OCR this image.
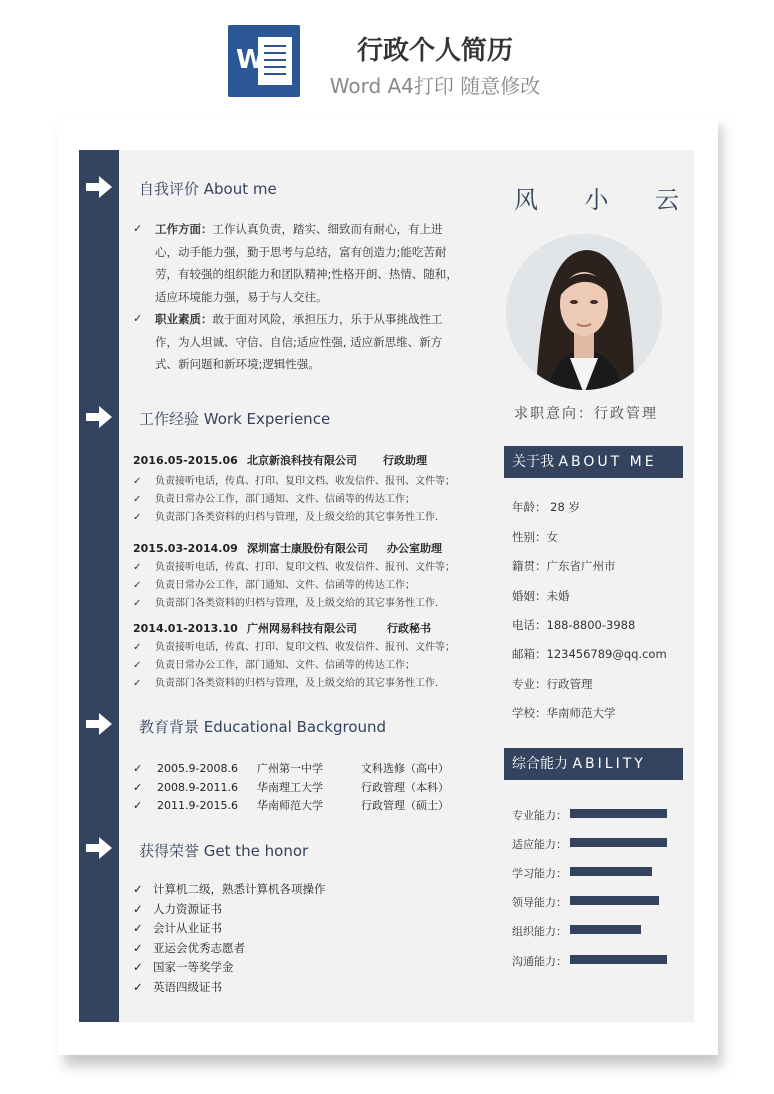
W	行政个人简历
Word A4打印 随意修改
自我评价 About me
✓	工作方面：工作认真负责，踏实、细致而有耐心，有上进心，动手能力强，勤于思考与总结，富有创造力;能吃苦耐劳，有较强的组织能力和团队精神;性格开朗、热情、随和，适应环境能力强，易于与人交往。
✓	职业素质：敢于面对风险，承担压力，乐于从事挑战性工作，为人坦诚、守信、自信;适应性强, 适应新思维、新方式、新问题和新环境;逻辑性强。
工作经验 Work Experience
2016.05-2015.06 北京新浪科技有限公司 行政助理
✓ 负责接听电话，传真、打印、复印文档、收发信件、报刊、文件等；
✓ 负责日常办公工作，部门通知、文件、信函等的传达工作；
✓ 负责部门各类资料的归档与管理，及上级交给的其它事务性工作.
2015.03-2014.09 深圳富士康股份有限公司 办公室助理
✓ 负责接听电话，传真、打印、复印文档、收发信件、报刊、文件等；
✓ 负责日常办公工作，部门通知、文件、信函等的传达工作；
✓ 负责部门各类资料的归档与管理，及上级交给的其它事务性工作.
2014.01-2013.10 广州网易科技有限公司	行政秘书
✓ 负责接听电话，传真、打印、复印文档、收发信件、报刊、文件等；
✓ 负责日常办公工作，部门通知、文件、信函等的传达工作；
✓ 负责部门各类资料的归档与管理，及上级交给的其它事务性工作.
教育背景 Educational Background
✓ 2005.9-2008.6 广州第一中学	文科选修（高中）
✓ 2008.9-2011.6 华南理工大学	行政管理（本科）
✓ 2011.9-2015.6 华南师范大学	行政管理（硕士）
获得荣誉 Get the honor
✓ 计算机二级，熟悉计算机各项操作
✓ 人力资源证书
✓ 会计从业证书
✓ 亚运会优秀志愿者
✓ 国家一等奖学金
✓ 英语四级证书
风 小 云
求职意向：行政管理
关于我 ABOUT ME
年龄： 28 岁
性别：女
籍贯：广东省广州市
婚姻：未婚
电话：188-8800-3988
邮箱：123456789@qq.com
专业：行政管理
学校：华南师范大学
综合能力 ABILITY
专业能力：
适应能力：
学习能力：
领导能力：
组织能力：
沟通能力：
